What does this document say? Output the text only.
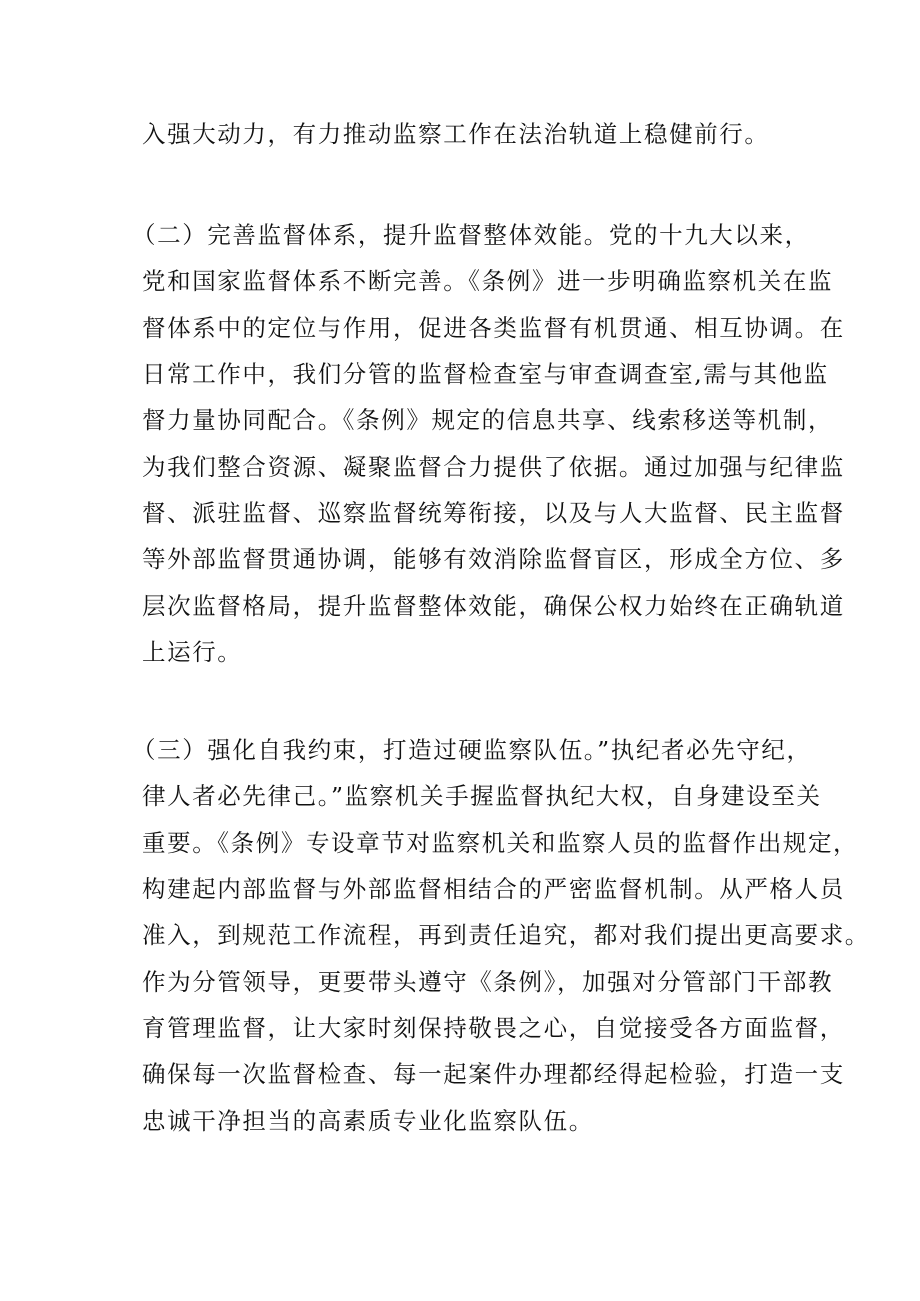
入强大动力，有力推动监察工作在法治轨道上稳健前行。

（二）完善监督体系，提升监督整体效能。党的十九大以来，

党和国家监督体系不断完善。《条例》进一步明确监察机关在监

督体系中的定位与作用，促进各类监督有机贯通、相互协调。在

日常工作中，我们分管的监督检查室与审查调查室,需与其他监

督力量协同配合。《条例》规定的信息共享、线索移送等机制，

为我们整合资源、凝聚监督合力提供了依据。通过加强与纪律监

督、派驻监督、巡察监督统筹衔接，以及与人大监督、民主监督

等外部监督贯通协调，能够有效消除监督盲区，形成全方位、多

层次监督格局，提升监督整体效能，确保公权力始终在正确轨道

上运行。

（三）强化自我约束，打造过硬监察队伍。”执纪者必先守纪，

律人者必先律己。”监察机关手握监督执纪大权，自身建设至关

重要。《条例》专设章节对监察机关和监察人员的监督作出规定，

构建起内部监督与外部监督相结合的严密监督机制。从严格人员

准入，到规范工作流程，再到责任追究，都对我们提出更高要求。

作为分管领导，更要带头遵守《条例》，加强对分管部门干部教

育管理监督，让大家时刻保持敬畏之心，自觉接受各方面监督，

确保每一次监督检查、每一起案件办理都经得起检验，打造一支

忠诚干净担当的高素质专业化监察队伍。
